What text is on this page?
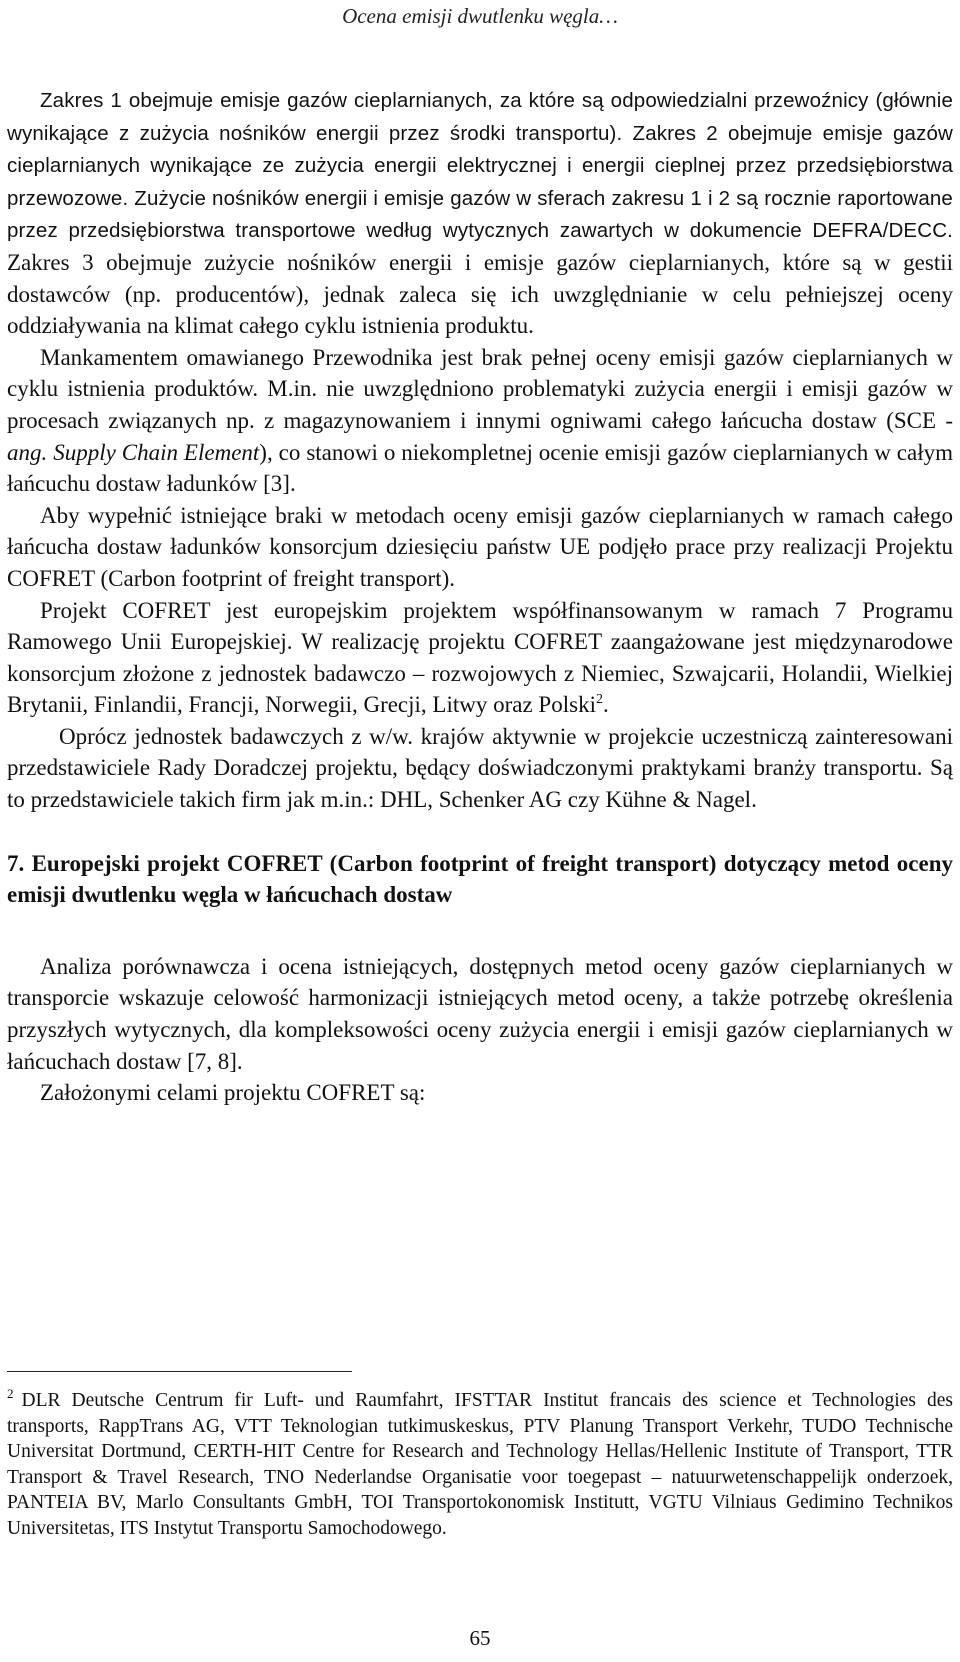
Ocena emisji dwutlenku węgla…

Zakres 1 obejmuje emisje gazów cieplarnianych, za które są odpowiedzialni przewoźnicy (głównie wynikające z zużycia nośników energii przez środki transportu). Zakres 2 obejmuje emisje gazów cieplarnianych wynikające ze zużycia energii elektrycznej i energii cieplnej przez przedsiębiorstwa przewozowe. Zużycie nośników energii i emisje gazów w sferach zakresu 1 i 2 są rocznie raportowane przez przedsiębiorstwa transportowe według wytycznych zawartych w dokumencie DEFRA/DECC. Zakres 3 obejmuje zużycie nośników energii i emisje gazów cieplarnianych, które są w gestii dostawców (np. producentów), jednak zaleca się ich uwzględnianie w celu pełniejszej oceny oddziaływania na klimat całego cyklu istnienia produktu.

Mankamentem omawianego Przewodnika jest brak pełnej oceny emisji gazów cieplarnianych w cyklu istnienia produktów. M.in. nie uwzględniono problematyki zużycia energii i emisji gazów w procesach związanych np. z magazynowaniem i innymi ogniwami całego łańcucha dostaw (SCE - ang. Supply Chain Element), co stanowi o niekompletnej ocenie emisji gazów cieplarnianych w całym łańcuchu dostaw ładunków [3].

Aby wypełnić istniejące braki w metodach oceny emisji gazów cieplarnianych w ramach całego łańcucha dostaw ładunków konsorcjum dziesięciu państw UE podjęło prace przy realizacji Projektu COFRET (Carbon footprint of freight transport).

Projekt COFRET jest europejskim projektem współfinansowanym w ramach 7 Programu Ramowego Unii Europejskiej. W realizację projektu COFRET zaangażowane jest międzynarodowe konsorcjum złożone z jednostek badawczo – rozwojowych z Niemiec, Szwajcarii, Holandii, Wielkiej Brytanii, Finlandii, Francji, Norwegii, Grecji, Litwy oraz Polski$^2$.

Oprócz jednostek badawczych z w/w. krajów aktywnie w projekcie uczestniczą zainteresowani przedstawiciele Rady Doradczej projektu, będący doświadczonymi praktykami branży transportu. Są to przedstawiciele takich firm jak m.in.: DHL, Schenker AG czy Kühne & Nagel.

7. Europejski projekt COFRET (Carbon footprint of freight transport) dotyczący metod oceny emisji dwutlenku węgla w łańcuchach dostaw

Analiza porównawcza i ocena istniejących, dostępnych metod oceny gazów cieplarnianych w transporcie wskazuje celowość harmonizacji istniejących metod oceny, a także potrzebę określenia przyszłych wytycznych, dla kompleksowości oceny zużycia energii i emisji gazów cieplarnianych w łańcuchach dostaw [7, 8].

Założonymi celami projektu COFRET są:

$^2$ DLR Deutsche Centrum fir Luft- und Raumfahrt, IFSTTAR Institut francais des science et Technologies des transports, RappTrans AG, VTT Teknologian tutkimuskeskus, PTV Planung Transport Verkehr, TUDO Technische Universitat Dortmund, CERTH-HIT Centre for Research and Technology Hellas/Hellenic Institute of Transport, TTR Transport & Travel Research, TNO Nederlandse Organisatie voor toegepast – natuurwetenschappelijk onderzoek, PANTEIA BV, Marlo Consultants GmbH, TOI Transportokonomisk Institutt, VGTU Vilniaus Gedimino Technikos Universitetas, ITS Instytut Transportu Samochodowego.

65
